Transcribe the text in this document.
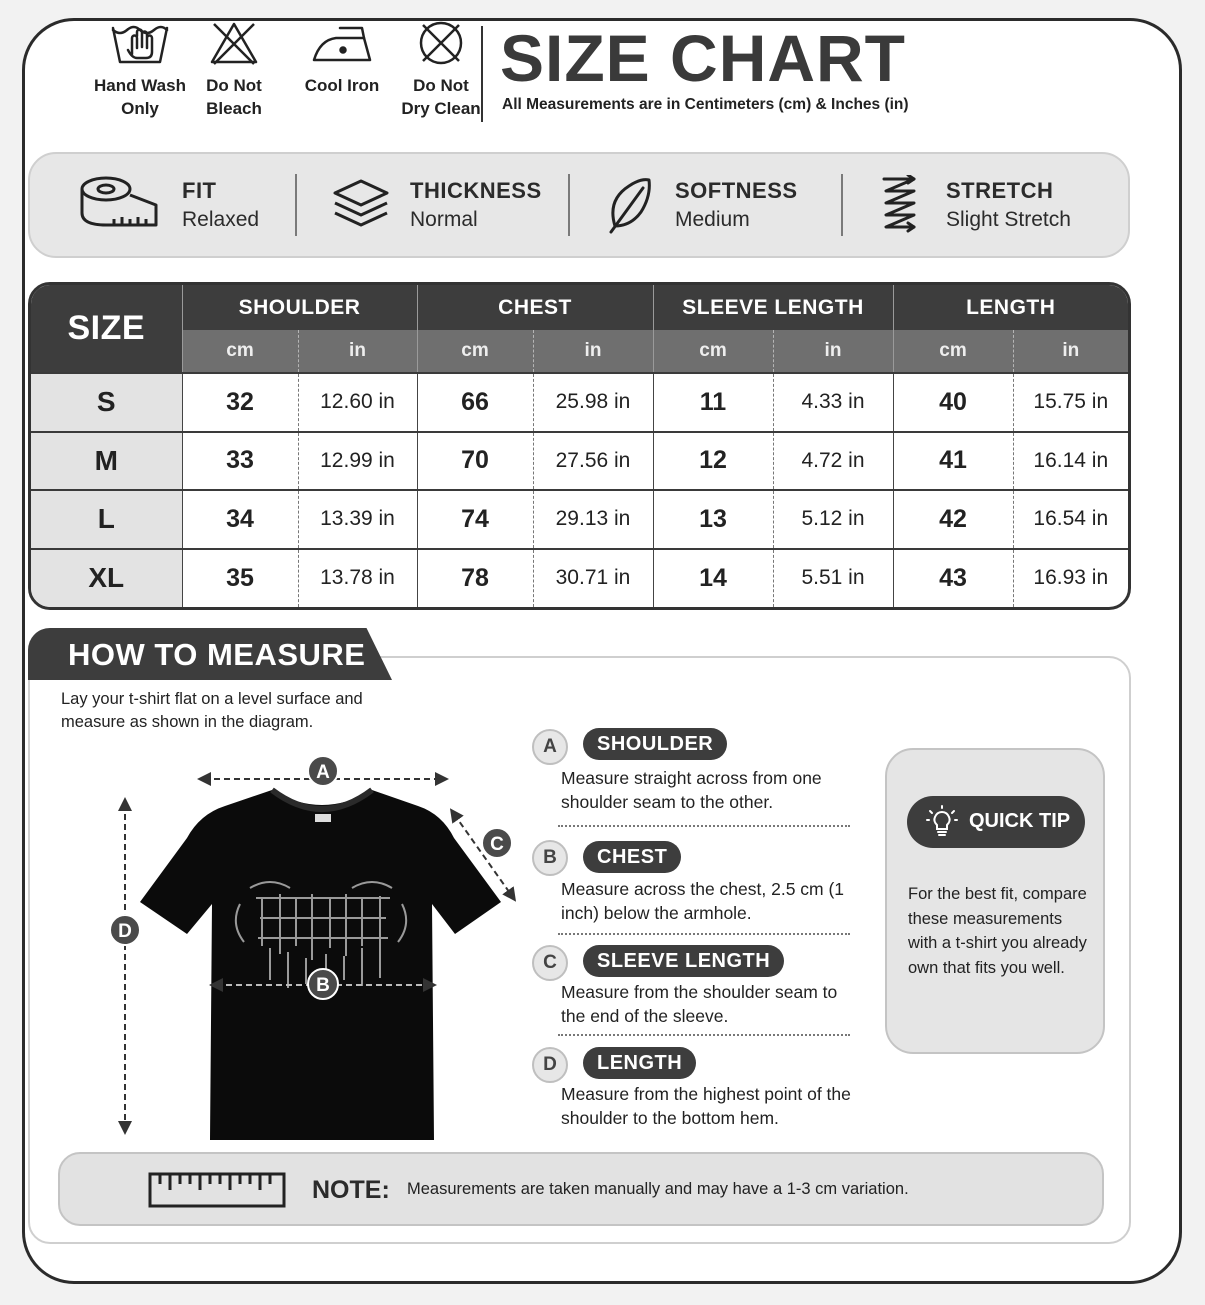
Hand Wash
Only
Do Not
Bleach
Cool Iron	Do Not
Dry Clean
SIZE CHART
All Measurements are in Centimeters (cm) & Inches (in)
FIT
Relaxed
THICKNESS
Normal
SOFTNESS
Medium
STRETCH
Slight Stretch
SIZE	SHOULDER		CHEST		SLEEVE LENGTH		LENGTH	
	cm	in	cm	in	cm	in	cm	in
S	32	12.60 in	66	25.98 in	11	4.33 in	40	15.75 in
M	33	12.99 in	70	27.56 in	12	4.72 in	41	16.14 in
L	34	13.39 in	74	29.13 in	13	5.12 in	42	16.54 in
XL	35	13.78 in	78	30.71 in	14	5.51 in	43	16.93 in
HOW TO MEASURE
Lay your t-shirt flat on a level surface and measure as shown in the diagram.
A
C
D
B
A	SHOULDER
Measure straight across from one shoulder seam to the other.
B	CHEST
Measure across the chest, 2.5 cm (1 inch) below the armhole.
C	SLEEVE LENGTH
Measure from the shoulder seam to the end of the sleeve.
D	LENGTH
Measure from the highest point of the shoulder to the bottom hem.
QUICK TIP
For the best fit, compare these measurements with a t-shirt you already own that fits you well.
NOTE: Measurements are taken manually and may have a 1-3 cm variation.
